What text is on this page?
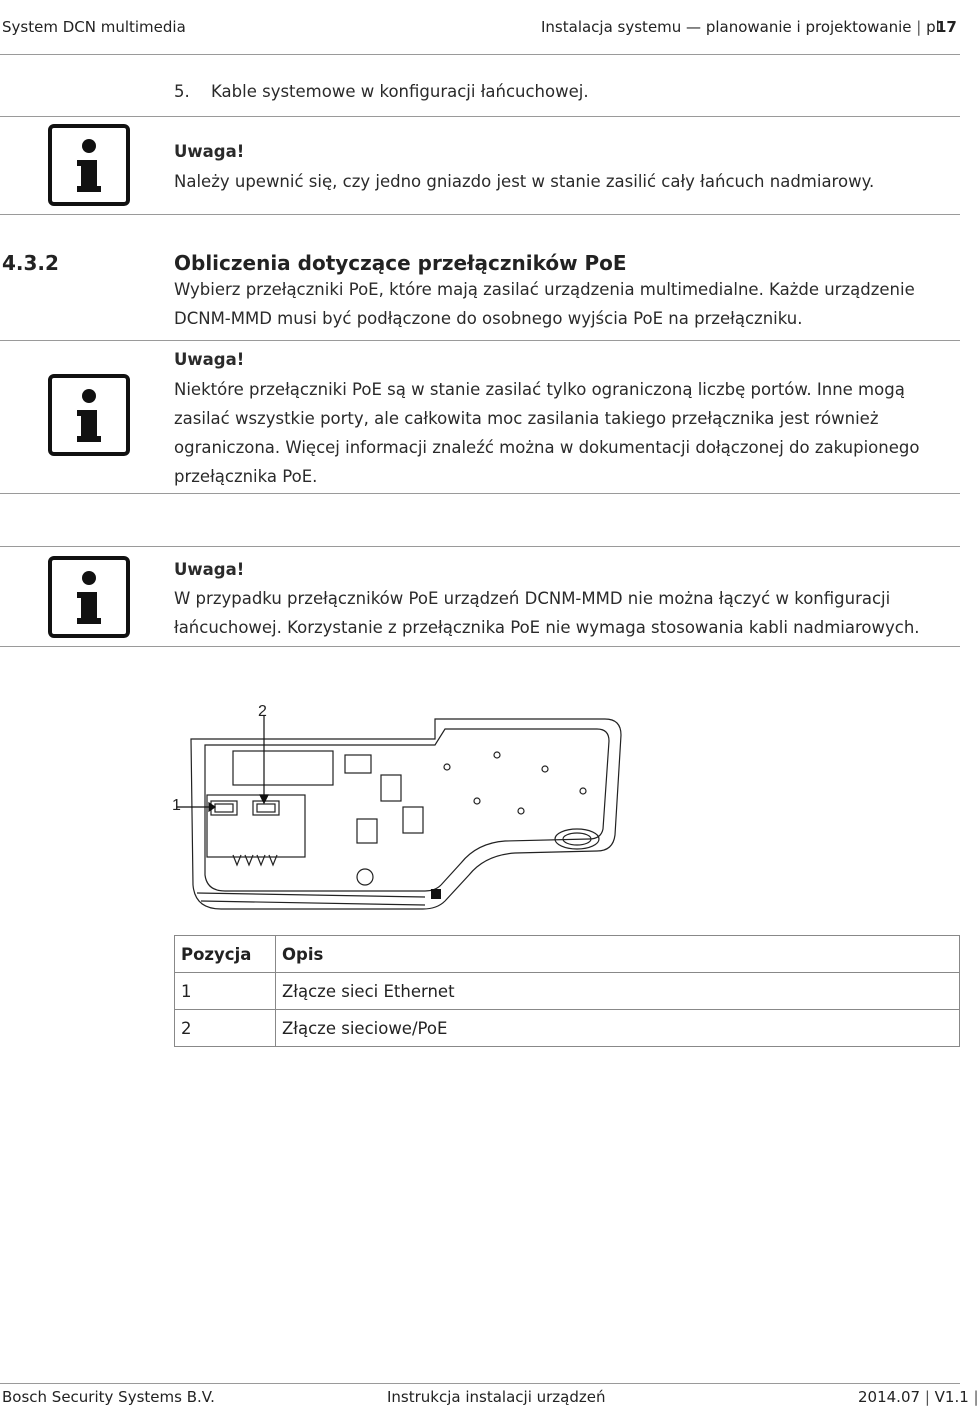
System DCN multimedia	Instalacja systemu — planowanie i projektowanie | pl
17
5. Kable systemowe w konfiguracji łańcuchowej.
Uwaga!
Należy upewnić się, czy jedno gniazdo jest w stanie zasilić cały łańcuch nadmiarowy.
4.3.2	Obliczenia dotyczące przełączników PoE
Wybierz przełączniki PoE, które mają zasilać urządzenia multimedialne. Każde urządzenie
DCNM-MMD musi być podłączone do osobnego wyjścia PoE na przełączniku.
Uwaga!
Niektóre przełączniki PoE są w stanie zasilać tylko ograniczoną liczbę portów. Inne mogą
zasilać wszystkie porty, ale całkowita moc zasilania takiego przełącznika jest również
ograniczona. Więcej informacji znaleźć można w dokumentacji dołączonej do zakupionego
przełącznika PoE.
Uwaga!
W przypadku przełączników PoE urządzeń DCNM-MMD nie można łączyć w konfiguracji
łańcuchowej. Korzystanie z przełącznika PoE nie wymaga stosowania kabli nadmiarowych.
2
1
Pozycja	Opis
1	Złącze sieci Ethernet
2	Złącze sieciowe/PoE
Bosch Security Systems B.V.	Instrukcja instalacji urządzeń	2014.07 | V1.1 |
